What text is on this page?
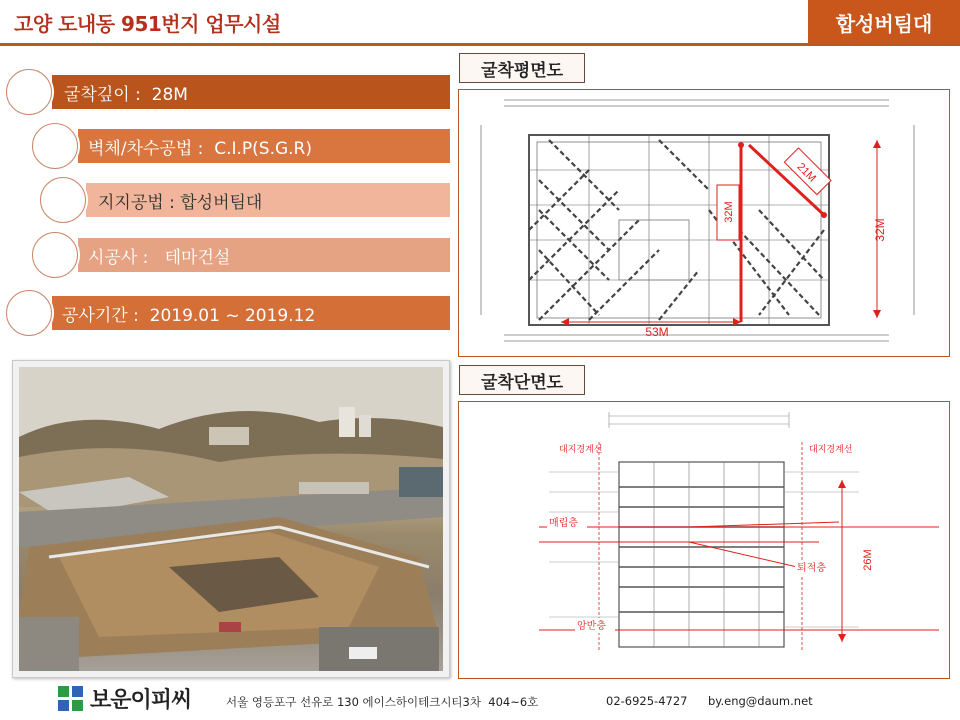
고양 도내동 951번지 업무시설	합성버팀대
굴착깊이 :  28M
벽체/차수공법 :  C.I.P(S.G.R)
지지공법 : 합성버팀대
시공사 :   테마건설
공사기간 :  2019.01 ~ 2019.12
굴착평면도
21M
32M
32M
53M
굴착단면도
대지경계선	대지경계선
매립층
퇴적층
암반층
26M
보운이피씨	서울 영등포구 선유로 130 에이스하이테크시티3차  404~6호	02-6925-4727 by.eng@daum.net
